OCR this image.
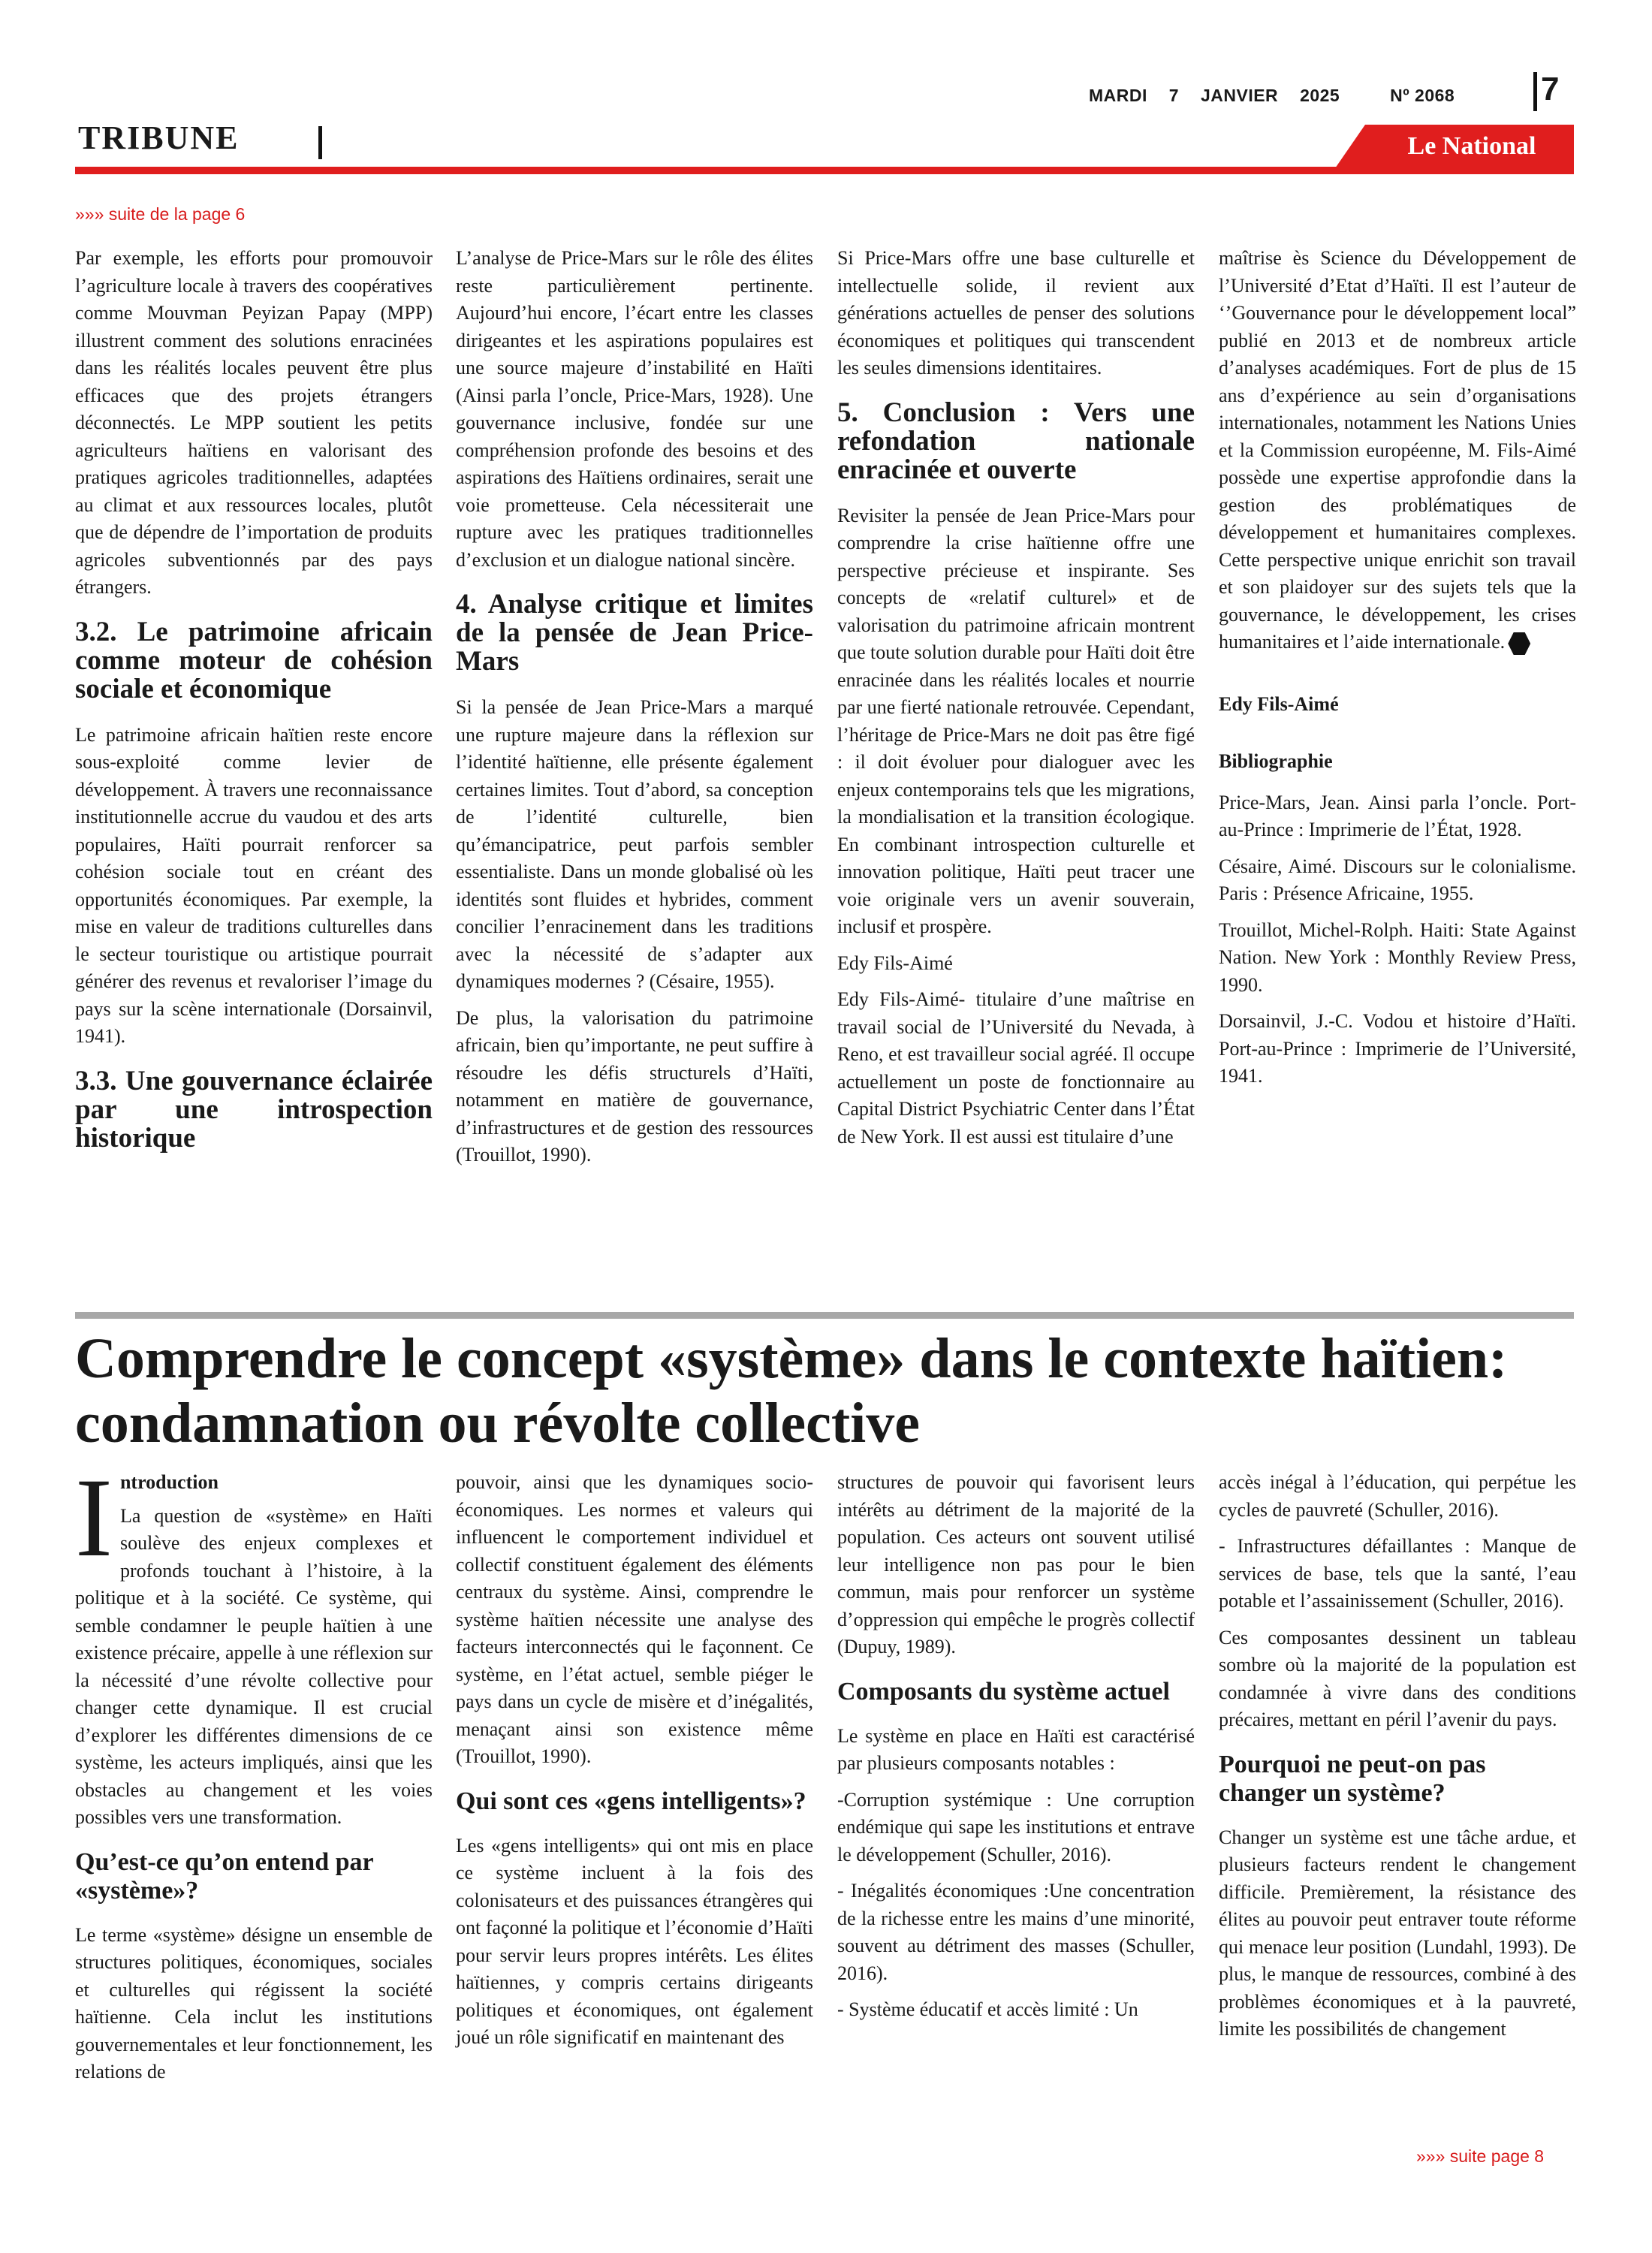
MARDI 7 JANVIER 2025	Nº 2068	7
TRIBUNE	Le National
»»» suite de la page 6

Par exemple, les efforts pour promouvoir l’agriculture locale à travers des coopératives comme Mouvman Peyizan Papay (MPP) illustrent comment des solutions enracinées dans les réalités locales peuvent être plus efficaces que des projets étrangers déconnectés. Le MPP soutient les petits agriculteurs haïtiens en valorisant des pratiques agricoles traditionnelles, adaptées au climat et aux ressources locales, plutôt que de dépendre de l’importation de produits agricoles subventionnés par des pays étrangers.

3.2. Le patrimoine africain comme moteur de cohésion sociale et économique

Le patrimoine africain haïtien reste encore sous-exploité comme levier de développement. À travers une reconnaissance institutionnelle accrue du vaudou et des arts populaires, Haïti pourrait renforcer sa cohésion sociale tout en créant des opportunités économiques. Par exemple, la mise en valeur de traditions culturelles dans le secteur touristique ou artistique pourrait générer des revenus et revaloriser l’image du pays sur la scène internationale (Dorsainvil, 1941).

3.3. Une gouvernance éclairée par une introspection historique

L’analyse de Price-Mars sur le rôle des élites reste particulièrement pertinente. Aujourd’hui encore, l’écart entre les classes dirigeantes et les aspirations populaires est une source majeure d’instabilité en Haïti (Ainsi parla l’oncle, Price-Mars, 1928). Une gouvernance inclusive, fondée sur une compréhension profonde des besoins et des aspirations des Haïtiens ordinaires, serait une voie prometteuse. Cela nécessiterait une rupture avec les pratiques traditionnelles d’exclusion et un dialogue national sincère.

4. Analyse critique et limites de la pensée de Jean Price-Mars

Si la pensée de Jean Price-Mars a marqué une rupture majeure dans la réflexion sur l’identité haïtienne, elle présente également certaines limites. Tout d’abord, sa conception de l’identité culturelle, bien qu’émancipatrice, peut parfois sembler essentialiste. Dans un monde globalisé où les identités sont fluides et hybrides, comment concilier l’enracinement dans les traditions avec la nécessité de s’adapter aux dynamiques modernes ? (Césaire, 1955).

De plus, la valorisation du patrimoine africain, bien qu’importante, ne peut suffire à résoudre les défis structurels d’Haïti, notamment en matière de gouvernance, d’infrastructures et de gestion des ressources (Trouillot, 1990).

Si Price-Mars offre une base culturelle et intellectuelle solide, il revient aux générations actuelles de penser des solutions économiques et politiques qui transcendent les seules dimensions identitaires.

5. Conclusion : Vers une refondation nationale enracinée et ouverte

Revisiter la pensée de Jean Price-Mars pour comprendre la crise haïtienne offre une perspective précieuse et inspirante. Ses concepts de «relatif culturel» et de valorisation du patrimoine africain montrent que toute solution durable pour Haïti doit être enracinée dans les réalités locales et nourrie par une fierté nationale retrouvée. Cependant, l’héritage de Price-Mars ne doit pas être figé : il doit évoluer pour dialoguer avec les enjeux contemporains tels que les migrations, la mondialisation et la transition écologique. En combinant introspection culturelle et innovation politique, Haïti peut tracer une voie originale vers un avenir souverain, inclusif et prospère.

Edy Fils-Aimé

Edy Fils-Aimé- titulaire d’une maîtrise en travail social de l’Université du Nevada, à Reno, et est travailleur social agréé. Il occupe actuellement un poste de fonctionnaire au Capital District Psychiatric Center dans l’État de New York. Il est aussi est titulaire d’une

maîtrise ès Science du Développement de l’Université d’Etat d’Haïti. Il est l’auteur de ‘’Gouvernance pour le développement local” publié en 2013 et de nombreux article d’analyses académiques. Fort de plus de 15 ans d’expérience au sein d’organisations internationales, notamment les Nations Unies et la Commission européenne, M. Fils-Aimé possède une expertise approfondie dans la gestion des problématiques de développement et humanitaires complexes. Cette perspective unique enrichit son travail et son plaidoyer sur des sujets tels que la gouvernance, le développement, les crises humanitaires et l’aide internationale.

Edy Fils-Aimé

Bibliographie

Price-Mars, Jean. Ainsi parla l’oncle. Port-au-Prince : Imprimerie de l’État, 1928.

Césaire, Aimé. Discours sur le colonialisme. Paris : Présence Africaine, 1955.

Trouillot, Michel-Rolph. Haiti: State Against Nation. New York : Monthly Review Press, 1990.

Dorsainvil, J.-C. Vodou et histoire d’Haïti. Port-au-Prince : Imprimerie de l’Université, 1941.

Comprendre le concept «système» dans le contexte haïtien: condamnation ou révolte collective
I ntroduction

La question de «système» en Haïti soulève des enjeux complexes et profonds touchant à l’histoire, à la politique et à la société. Ce système, qui semble condamner le peuple haïtien à une existence précaire, appelle à une réflexion sur la nécessité d’une révolte collective pour changer cette dynamique. Il est crucial d’explorer les différentes dimensions de ce système, les acteurs impliqués, ainsi que les obstacles au changement et les voies possibles vers une transformation.

Qu’est-ce qu’on entend par «système»?

Le terme «système» désigne un ensemble de structures politiques, économiques, sociales et culturelles qui régissent la société haïtienne. Cela inclut les institutions gouvernementales et leur fonctionnement, les relations de

pouvoir, ainsi que les dynamiques socio-économiques. Les normes et valeurs qui influencent le comportement individuel et collectif constituent également des éléments centraux du système. Ainsi, comprendre le système haïtien nécessite une analyse des facteurs interconnectés qui le façonnent. Ce système, en l’état actuel, semble piéger le pays dans un cycle de misère et d’inégalités, menaçant ainsi son existence même (Trouillot, 1990).

Qui sont ces «gens intelligents»?

Les «gens intelligents» qui ont mis en place ce système incluent à la fois des colonisateurs et des puissances étrangères qui ont façonné la politique et l’économie d’Haïti pour servir leurs propres intérêts. Les élites haïtiennes, y compris certains dirigeants politiques et économiques, ont également joué un rôle significatif en maintenant des

structures de pouvoir qui favorisent leurs intérêts au détriment de la majorité de la population. Ces acteurs ont souvent utilisé leur intelligence non pas pour le bien commun, mais pour renforcer un système d’oppression qui empêche le progrès collectif (Dupuy, 1989).

Composants du système actuel

Le système en place en Haïti est caractérisé par plusieurs composants notables :

-Corruption systémique : Une corruption endémique qui sape les institutions et entrave le développement (Schuller, 2016).

- Inégalités économiques :Une concentration de la richesse entre les mains d’une minorité, souvent au détriment des masses (Schuller, 2016).

- Système éducatif et accès limité : Un

accès inégal à l’éducation, qui perpétue les cycles de pauvreté (Schuller, 2016).

- Infrastructures défaillantes : Manque de services de base, tels que la santé, l’eau potable et l’assainissement (Schuller, 2016).

Ces composantes dessinent un tableau sombre où la majorité de la population est condamnée à vivre dans des conditions précaires, mettant en péril l’avenir du pays.

Pourquoi ne peut-on pas changer un système?

Changer un système est une tâche ardue, et plusieurs facteurs rendent le changement difficile. Premièrement, la résistance des élites au pouvoir peut entraver toute réforme qui menace leur position (Lundahl, 1993). De plus, le manque de ressources, combiné à des problèmes économiques et à la pauvreté, limite les possibilités de changement

»»» suite page 8
